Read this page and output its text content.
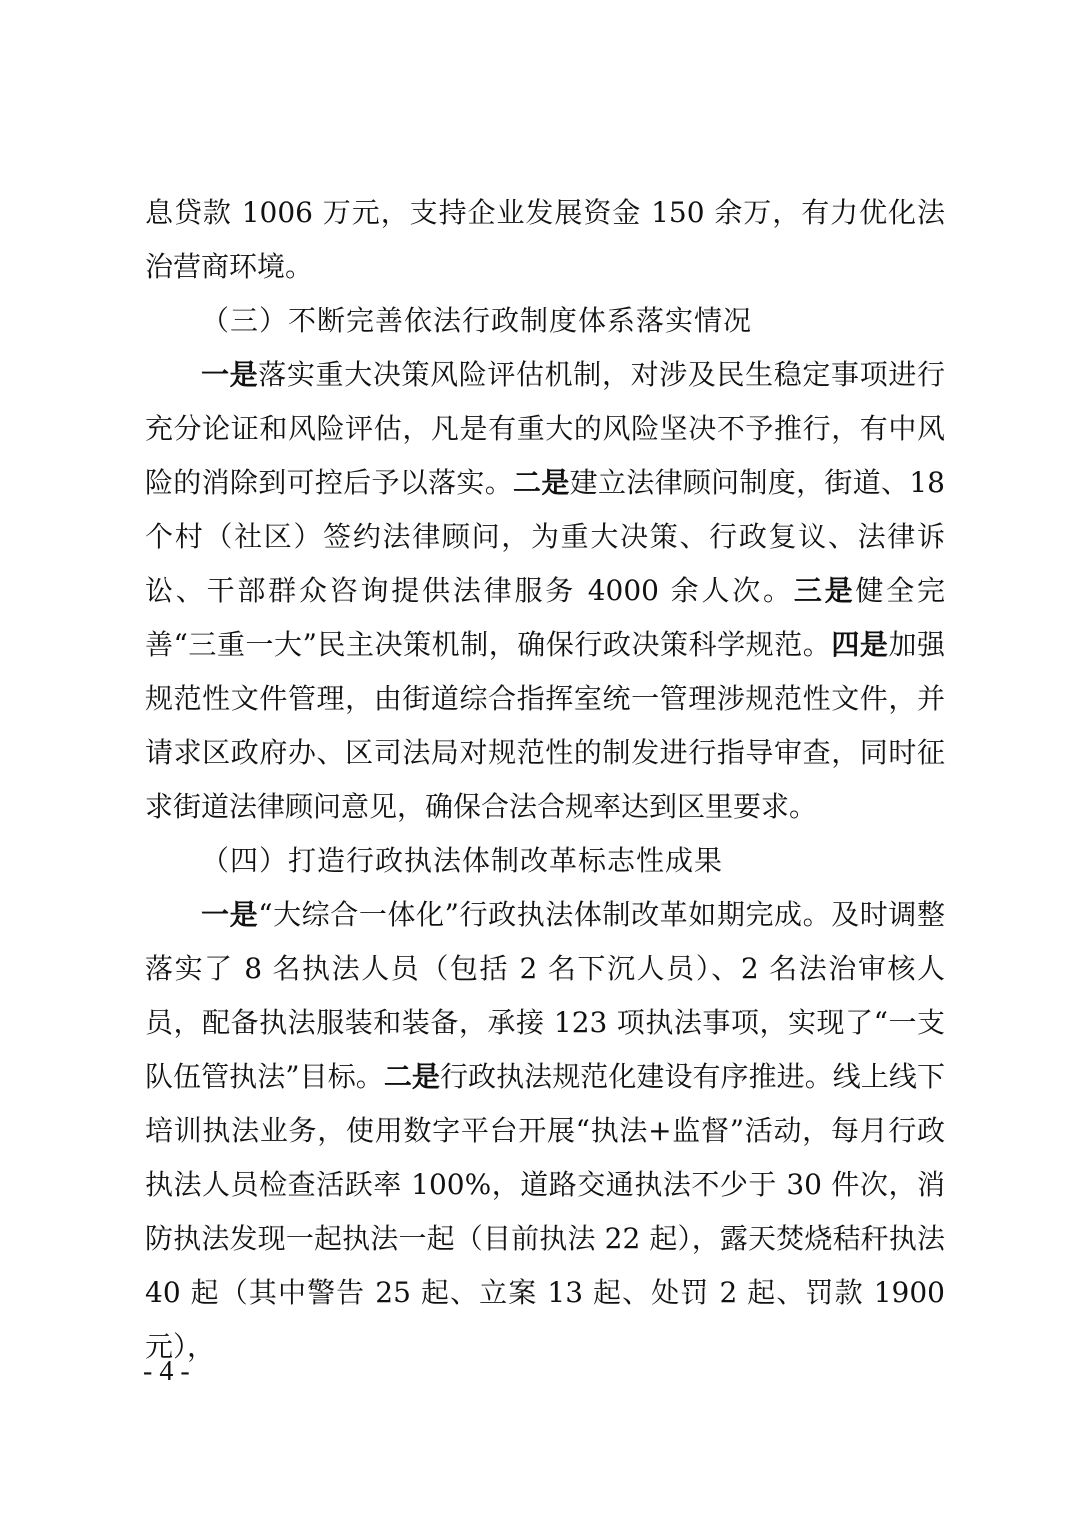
息贷款 1006 万元，支持企业发展资金 150 余万，有力优化法治营商环境。

（三）不断完善依法行政制度体系落实情况

一是落实重大决策风险评估机制，对涉及民生稳定事项进行充分论证和风险评估，凡是有重大的风险坚决不予推行，有中风险的消除到可控后予以落实。二是建立法律顾问制度，街道、18 个村（社区）签约法律顾问，为重大决策、行政复议、法律诉讼、干部群众咨询提供法律服务 4000 余人次。三是健全完善“三重一大”民主决策机制，确保行政决策科学规范。四是加强规范性文件管理，由街道综合指挥室统一管理涉规范性文件，并请求区政府办、区司法局对规范性的制发进行指导审查，同时征求街道法律顾问意见，确保合法合规率达到区里要求。

（四）打造行政执法体制改革标志性成果

一是“大综合一体化”行政执法体制改革如期完成。及时调整落实了 8 名执法人员（包括 2 名下沉人员）、2 名法治审核人员，配备执法服装和装备，承接 123 项执法事项，实现了“一支队伍管执法”目标。二是行政执法规范化建设有序推进。线上线下培训执法业务，使用数字平台开展“执法+监督”活动，每月行政执法人员检查活跃率 100%，道路交通执法不少于 30 件次，消防执法发现一起执法一起（目前执法 22 起），露天焚烧秸秆执法 40 起（其中警告 25 起、立案 13 起、处罚 2 起、罚款 1900 元），

- 4 -
